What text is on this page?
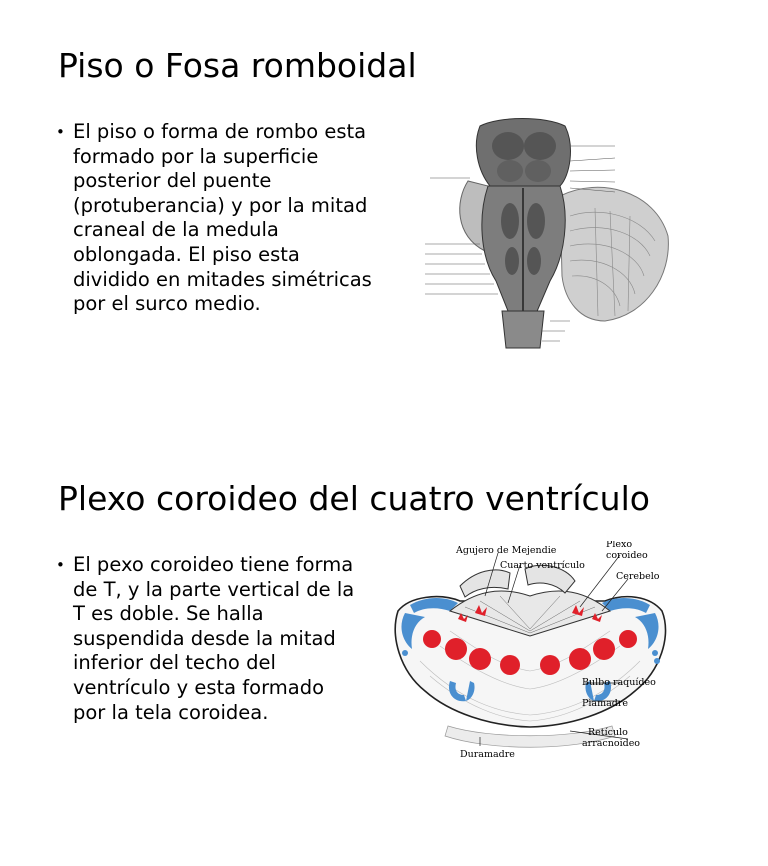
Piso o Fosa romboidal
• El piso o forma de rombo esta formado por la superficie posterior del puente (protuberancia) y por la mitad craneal de la medula oblongada. El piso esta dividido en mitades simétricas por el surco medio.
Plexo coroideo del cuatro ventrículo
• El pexo coroideo tiene forma de T, y la parte vertical de la T es doble. Se halla suspendida desde la mitad inferior del techo del ventrículo y esta formado por la tela coroidea.
Agujero de Mejendie
Cuarto ventrículo
Plexo
coroideo
Cerebelo
Bulbo raquídeo
Piamadre
Retículo
arracnoideo
Duramadre
